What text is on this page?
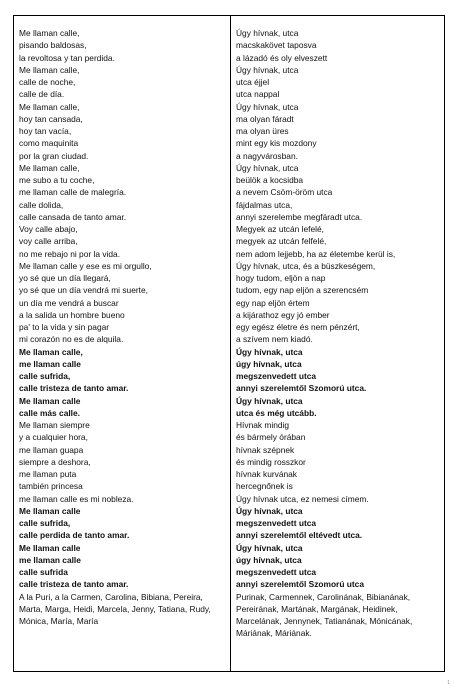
Me llaman calle,
pisando baldosas,
la revoltosa y tan perdida.
Me llaman calle,
calle de noche,
calle de día.
Me llaman calle,
hoy tan cansada,
hoy tan vacía,
como maquinita
por la gran ciudad.
Me llaman calle,
me subo a tu coche,
me llaman calle de malegría.
calle dolida,
calle cansada de tanto amar.
Voy calle abajo,
voy calle arriba,
no me rebajo ni por la vida.
Me llaman calle y ese es mi orgullo,
yo sé que un día llegará,
yo sé que un día vendrá mi suerte,
un día me vendrá a buscar
a la salida un hombre bueno
pa' to la vida y sin pagar
mi corazón no es de alquila.
Me llaman calle,
me llaman calle
calle sufrida,
calle tristeza de tanto amar.
Me llaman calle
calle más calle.
Me llaman siempre
y a cualquier hora,
me llaman guapa
siempre a deshora,
me llaman puta
también princesa
me llaman calle es mi nobleza.
Me llaman calle
calle sufrida,
calle perdida de tanto amar.
Me llaman calle
me llaman calle
calle sufrida
calle tristeza de tanto amar.
A la Puri, a la Carmen, Carolina, Bibiana, Pereira, Marta, Marga, Heidi, Marcela, Jenny, Tatiana, Rudy, Mónica, María, María
Úgy hívnak, utca
macskakövet taposva
a lázadó és oly elveszett
Úgy hívnak, utca
utca éjjel
utca nappal
Úgy hívnak, utca
ma olyan fáradt
ma olyan üres
mint egy kis mozdony
a nagyvárosban.
Úgy hívnak, utca
beülök a kocsidba
a nevem Csöm-öröm utca
fájdalmas utca,
annyi szerelembe megfáradt utca.
Megyek az utcán lefelé,
megyek az utcán felfelé,
nem adom lejjebb, ha az életembe kerül is,
Úgy hívnak, utca, és a büszkeségem,
hogy tudom, eljön a nap
tudom, egy nap eljön a szerencsém
egy nap eljön értem
a kijárathoz egy jó ember
egy egész életre és nem pénzért,
a szívem nem kiadó.
Úgy hívnak, utca
úgy hívnak, utca
megszenvedett utca
annyi szerelemtől Szomorú utca.
Úgy hívnak, utca
utca és még utcább.
Hívnak mindig
és bármely órában
hívnak szépnek
és mindig rosszkor
hívnak kurvának
hercegnőnek is
Úgy hívnak utca, ez nemesi címem.
Úgy hívnak, utca
megszenvedett utca
annyi szerelemtől eltévedt utca.
Úgy hívnak, utca
úgy hívnak, utca
megszenvedett utca
annyi szerelemtől Szomorú utca
Purinak, Carmennek, Carolinának, Bibianának, Pereirának, Martának, Margának, Heidinek, Marcelának, Jennynek, Tatianának, Mónicának, Máriának, Máriának.
1
